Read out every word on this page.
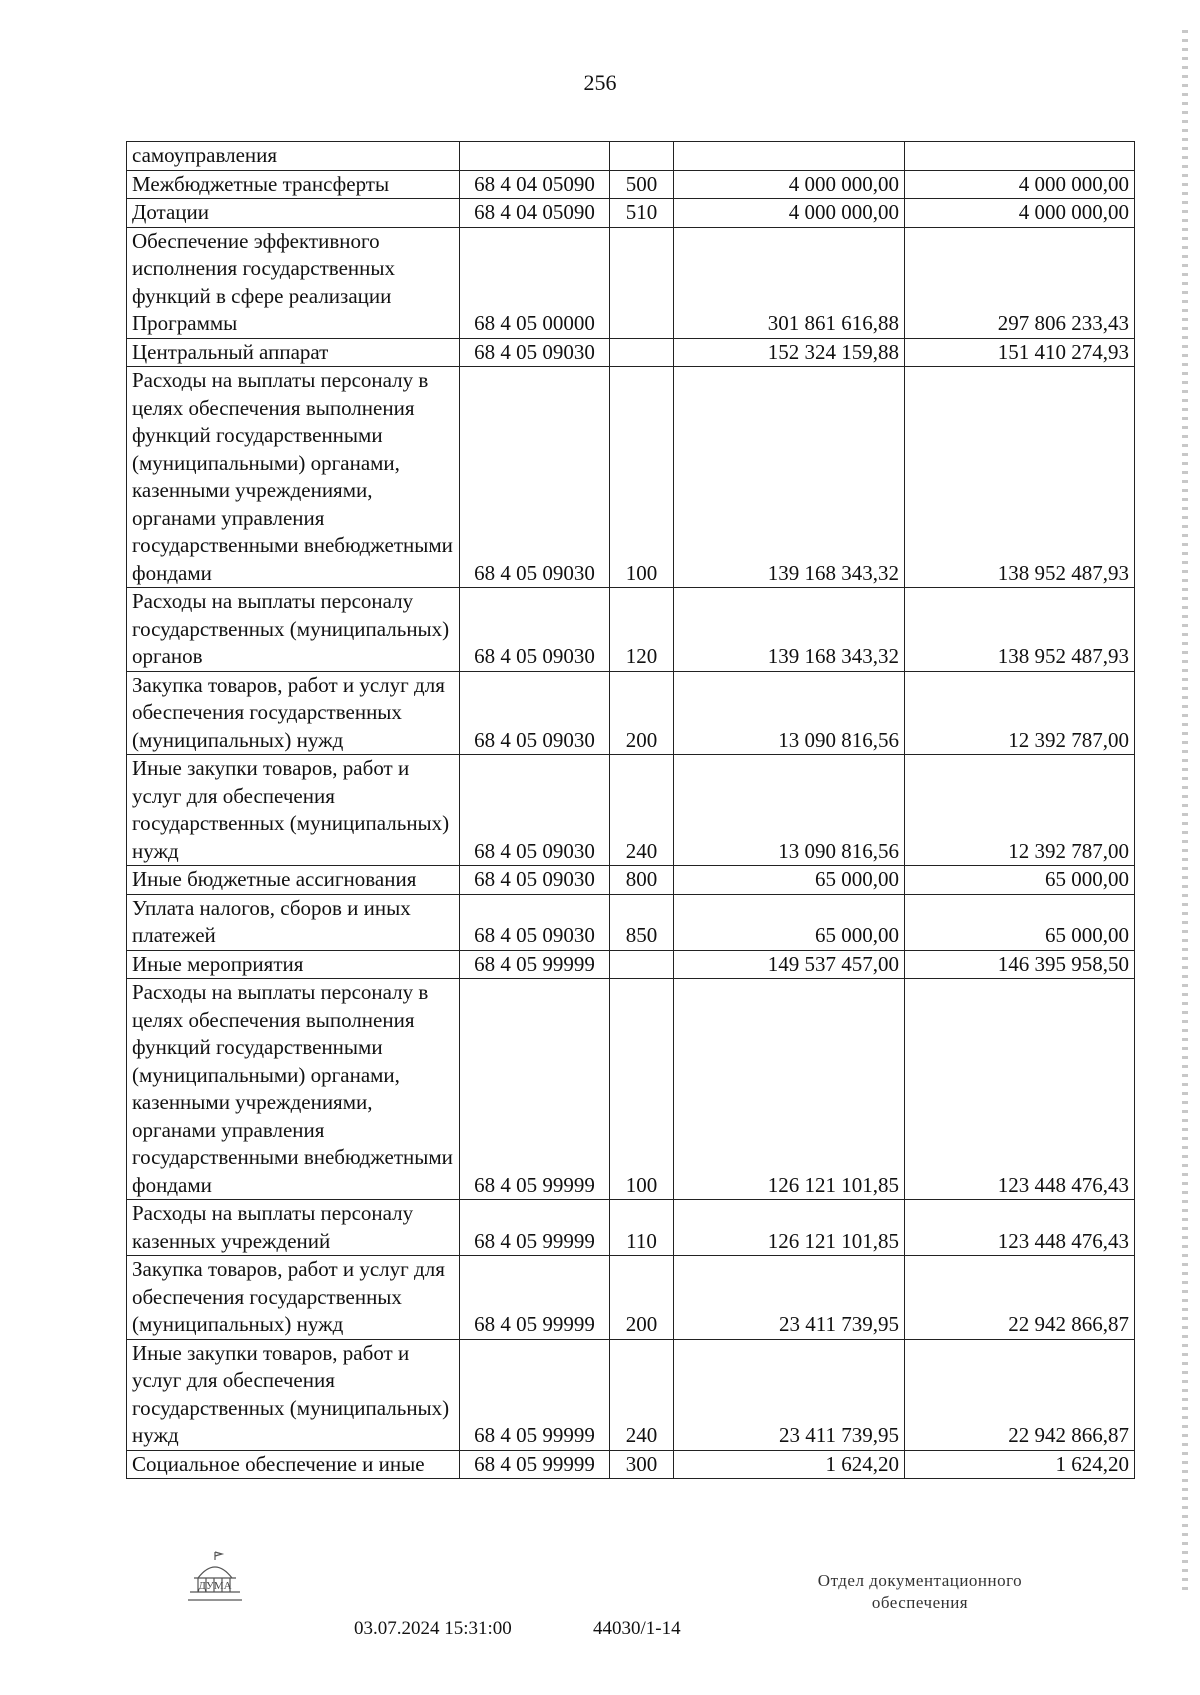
256
самоуправления				
Межбюджетные трансферты	68 4 04 05090	500	4 000 000,00	4 000 000,00
Дотации	68 4 04 05090	510	4 000 000,00	4 000 000,00
Обеспечение эффективного исполнения государственных функций в сфере реализации Программы	68 4 05 00000		301 861 616,88	297 806 233,43
Центральный аппарат	68 4 05 09030		152 324 159,88	151 410 274,93
Расходы на выплаты персоналу в целях обеспечения выполнения функций государственными (муниципальными) органами, казенными учреждениями, органами управления государственными внебюджетными фондами	68 4 05 09030	100	139 168 343,32	138 952 487,93
Расходы на выплаты персоналу государственных (муниципальных) органов	68 4 05 09030	120	139 168 343,32	138 952 487,93
Закупка товаров, работ и услуг для обеспечения государственных (муниципальных) нужд	68 4 05 09030	200	13 090 816,56	12 392 787,00
Иные закупки товаров, работ и услуг для обеспечения государственных (муниципальных) нужд	68 4 05 09030	240	13 090 816,56	12 392 787,00
Иные бюджетные ассигнования	68 4 05 09030	800	65 000,00	65 000,00
Уплата налогов, сборов и иных платежей	68 4 05 09030	850	65 000,00	65 000,00
Иные мероприятия	68 4 05 99999		149 537 457,00	146 395 958,50
Расходы на выплаты персоналу в целях обеспечения выполнения функций государственными (муниципальными) органами, казенными учреждениями, органами управления государственными внебюджетными фондами	68 4 05 99999	100	126 121 101,85	123 448 476,43
Расходы на выплаты персоналу казенных учреждений	68 4 05 99999	110	126 121 101,85	123 448 476,43
Закупка товаров, работ и услуг для обеспечения государственных (муниципальных) нужд	68 4 05 99999	200	23 411 739,95	22 942 866,87
Иные закупки товаров, работ и услуг для обеспечения государственных (муниципальных) нужд	68 4 05 99999	240	23 411 739,95	22 942 866,87
Социальное обеспечение и иные	68 4 05 99999	300	1 624,20	1 624,20
ДУМА
03.07.2024 15:31:00	44030/1-14
Отдел документационного
обеспечения
